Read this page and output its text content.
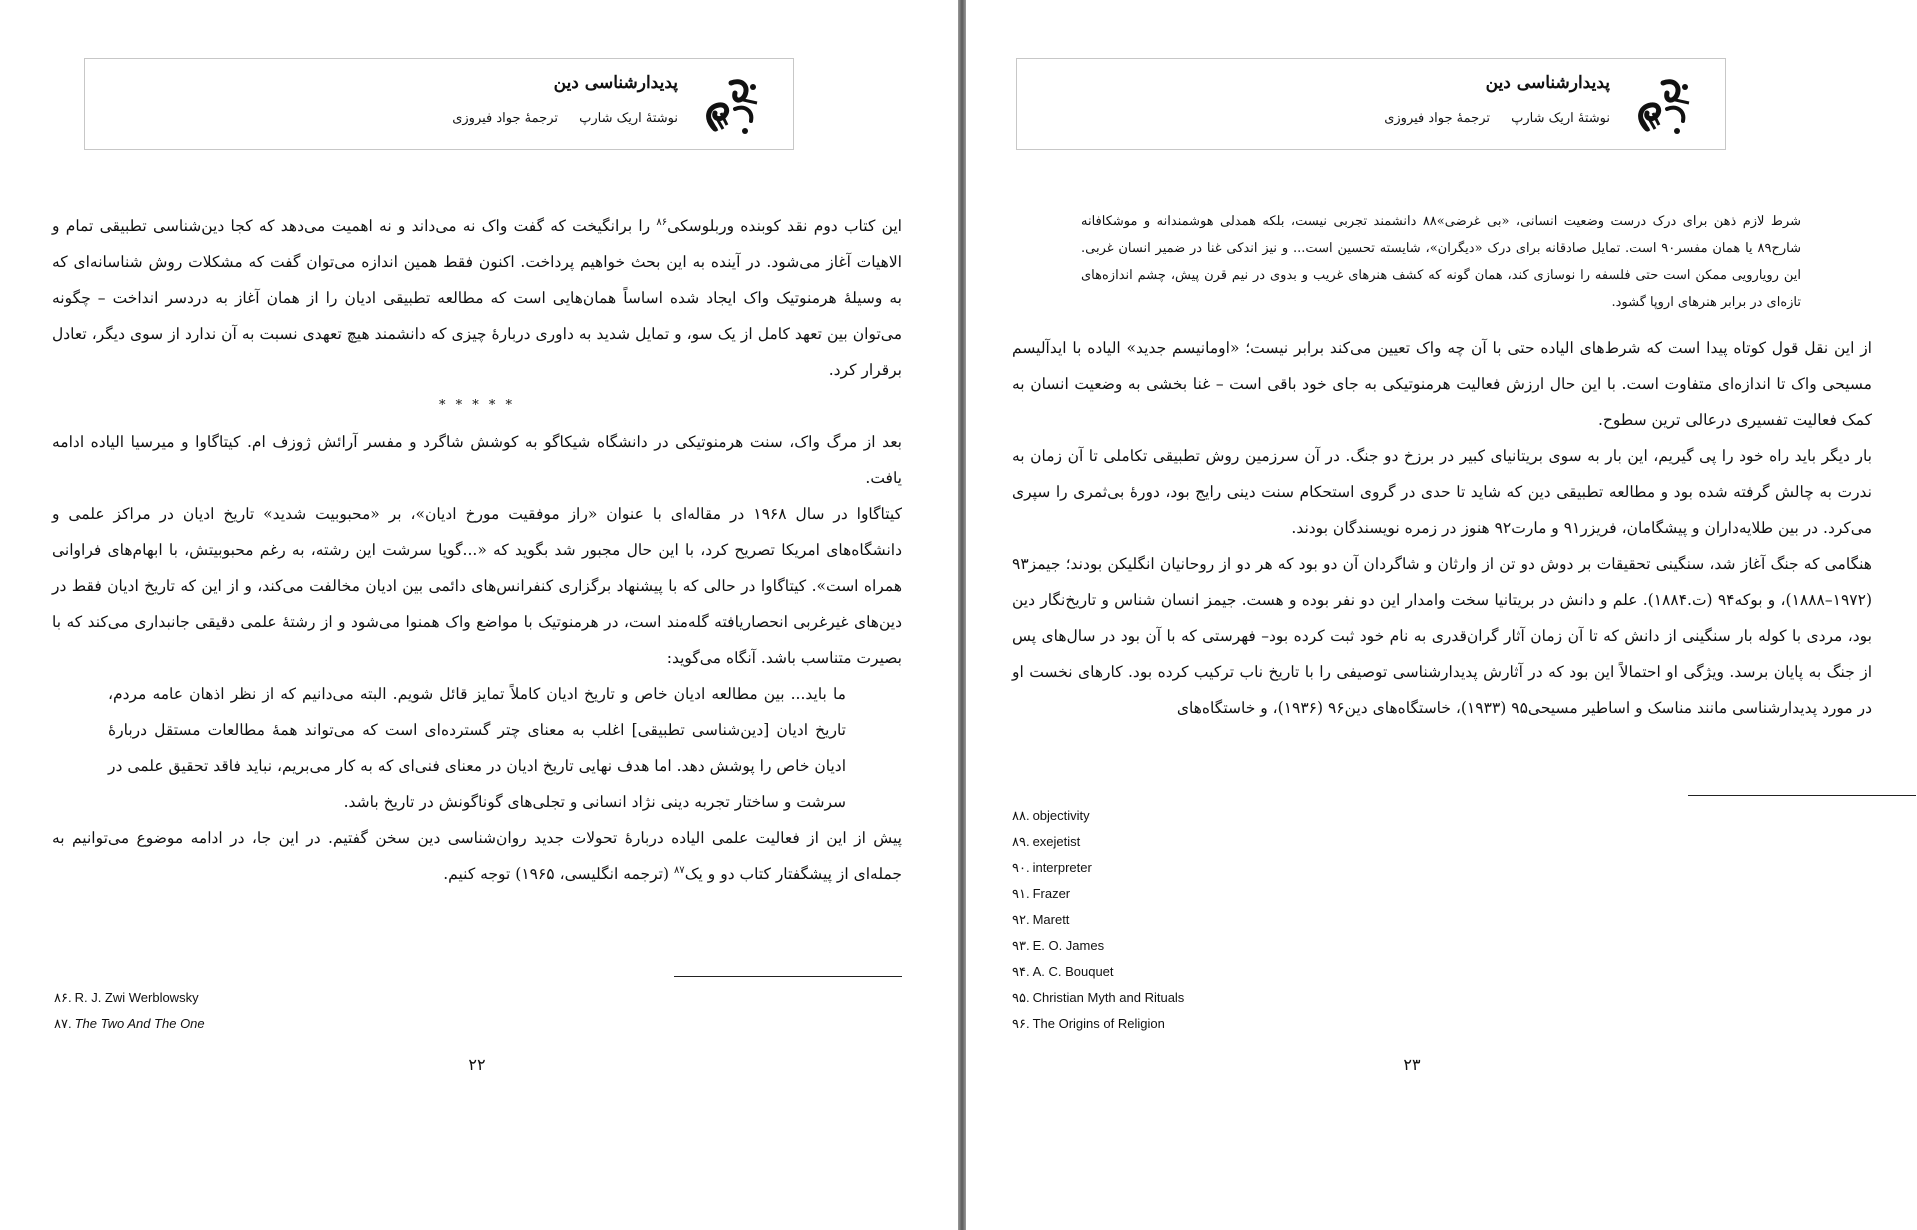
پدیدارشناسی دین
نوشتۀ اریک شارپ
ترجمۀ جواد فیروزی

این کتاب دوم نقد کوبنده وربلوسکی$^{۸۶}$ را برانگیخت که گفت واک نه می‌داند و نه اهمیت می‌دهد که کجا دین‌شناسی تطبیقی تمام و الاهیات آغاز می‌شود. در آینده به این بحث خواهیم پرداخت. اکنون فقط همین اندازه می‌توان گفت که مشکلات روش شناسانه‌ای که به وسیلۀ هرمنوتیک واک ایجاد شده اساساً همان‌هایی است که مطالعه تطبیقی ادیان را از همان آغاز به دردسر انداخت – چگونه می‌توان بین تعهد کامل از یک سو، و تمایل شدید به داوری دربارۀ چیزی که دانشمند هیچ تعهدی نسبت به آن ندارد از سوی دیگر، تعادل برقرار کرد.

* * * * *

بعد از مرگ واک، سنت هرمنوتیکی در دانشگاه شیکاگو به کوشش شاگرد و مفسر آرائش ژوزف ام. کیتاگاوا و میرسیا الیاده ادامه یافت.

کیتاگاوا در سال ۱۹۶۸ در مقاله‌ای با عنوان «راز موفقیت مورخ ادیان»، بر «محبوبیت شدید» تاریخ ادیان در مراکز علمی و دانشگاه‌های امریکا تصریح کرد، با این حال مجبور شد بگوید که «...گویا سرشت این رشته، به رغم محبوبیتش، با ابهام‌های فراوانی همراه است». کیتاگاوا در حالی که با پیشنهاد برگزاری کنفرانس‌های دائمی بین ادیان مخالفت می‌کند، و از این که تاریخ ادیان فقط در دین‌های غیرغربی انحصاریافته گله‌مند است، در هرمنوتیک با مواضع واک همنوا می‌شود و از رشتۀ علمی دقیقی جانبداری می‌کند که با بصیرت متناسب باشد. آنگاه می‌گوید:

ما باید... بین مطالعه ادیان خاص و تاریخ ادیان کاملاً تمایز قائل شویم. البته می‌دانیم که از نظر اذهان عامه مردم، تاریخ ادیان [دین‌شناسی تطبیقی] اغلب به معنای چتر گسترده‌ای است که می‌تواند همۀ مطالعات مستقل دربارۀ ادیان خاص را پوشش دهد. اما هدف نهایی تاریخ ادیان در معنای فنی‌ای که به کار می‌بریم، نباید فاقد تحقیق علمی در سرشت و ساختار تجربه دینی نژاد انسانی و تجلی‌های گوناگونش در تاریخ باشد.

پیش از این از فعالیت علمی الیاده دربارۀ تحولات جدید روان‌شناسی دین سخن گفتیم. در این جا، در ادامه موضوع می‌توانیم به جمله‌ای از پیشگفتار کتاب دو و یک$^{۸۷}$ (ترجمه انگلیسی، ۱۹۶۵) توجه کنیم.

۸۶. R. J. Zwi Werblowsky
۸۷. The Two And The One
۲۲
پدیدارشناسی دین
نوشتۀ اریک شارپ
ترجمۀ جواد فیروزی
شرط لازم ذهن برای درک درست وضعیت انسانی، «بی غرضی»۸۸ دانشمند تجربی نیست، بلکه همدلی هوشمندانه و موشکافانه شارح۸۹ یا همان مفسر۹۰ است. تمایل صادقانه برای درک «دیگران»، شایسته تحسین است... و نیز اندکی غنا در ضمیر انسان غربی. این رویارویی ممکن است حتی فلسفه را نوسازی کند، همان گونه که کشف هنرهای غریب و بدوی در نیم قرن پیش، چشم اندازه‌های تازه‌ای در برابر هنرهای اروپا گشود.

از این نقل قول کوتاه پیدا است که شرط‌های الیاده حتی با آن چه واک تعیین می‌کند برابر نیست؛ «اومانیسم جدید» الیاده با ایدآلیسم مسیحی واک تا اندازه‌ای متفاوت است. با این حال ارزش فعالیت هرمنوتیکی به جای خود باقی است – غنا بخشی به وضعیت انسان به کمک فعالیت تفسیری درعالی ترین سطوح.

بار دیگر باید راه خود را پی گیریم، این بار به سوی بریتانیای کبیر در برزخ دو جنگ. در آن سرزمین روش تطبیقی تکاملی تا آن زمان به ندرت به چالش گرفته شده بود و مطالعه تطبیقی دین که شاید تا حدی در گروی استحکام سنت دینی رایج بود، دورۀ بی‌ثمری را سپری می‌کرد. در بین طلایه‌داران و پیشگامان، فریزر۹۱ و مارت۹۲ هنوز در زمره نویسندگان بودند.

هنگامی که جنگ آغاز شد، سنگینی تحقیقات بر دوش دو تن از وارثان و شاگردان آن دو بود که هر دو از روحانیان انگلیکن بودند؛ جیمز۹۳ (۱۹۷۲–۱۸۸۸)، و بوکه۹۴ (ت.۱۸۸۴). علم و دانش در بریتانیا سخت وامدار این دو نفر بوده و هست. جیمز انسان شناس و تاریخ‌نگار دین بود، مردی با کوله بار سنگینی از دانش که تا آن زمان آثار گران‌قدری به نام خود ثبت کرده بود– فهرستی که با آن بود در سال‌های پس از جنگ به پایان برسد. ویژگی او احتمالاً این بود که در آثارش پدیدارشناسی توصیفی را با تاریخ ناب ترکیب کرده بود. کارهای نخست او در مورد پدیدارشناسی مانند مناسک و اساطیر مسیحی۹۵ (۱۹۳۳)، خاستگاه‌های دین۹۶ (۱۹۳۶)، و خاستگاه‌های

۸۸. objectivity
۸۹. exejetist
۹۰. interpreter
۹۱. Frazer
۹۲. Marett
۹۳. E. O. James
۹۴. A. C. Bouquet
۹۵. Christian Myth and Rituals
۹۶. The Origins of Religion
۲۳
